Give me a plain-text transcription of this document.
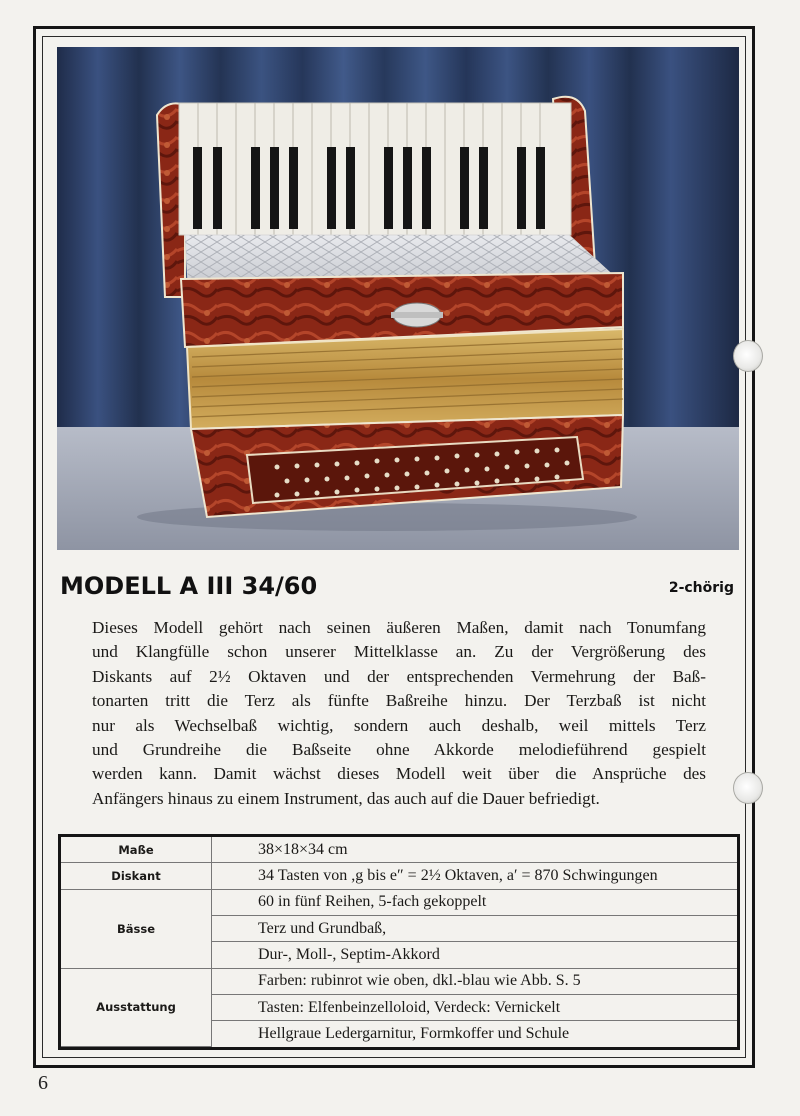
MODELL A III 34/60	2-chörig
Dieses Modell gehört nach seinen äußeren Maßen, damit nach Tonumfang
und Klangfülle schon unserer Mittelklasse an. Zu der Vergrößerung des
Diskants auf 2½ Oktaven und der entsprechenden Vermehrung der Baß-
tonarten tritt die Terz als fünfte Baßreihe hinzu. Der Terzbaß ist nicht
nur als Wechselbaß wichtig, sondern auch deshalb, weil mittels Terz
und Grundreihe die Baßseite ohne Akkorde melodieführend gespielt
werden kann. Damit wächst dieses Modell weit über die Ansprüche des
Anfängers hinaus zu einem Instrument, das auch auf die Dauer befriedigt.
Maße	38×18×34 cm
Diskant	34 Tasten von ,g bis e″ = 2½ Oktaven, a′ = 870 Schwingungen
Bässe	60 in fünf Reihen, 5-fach gekoppelt
	Terz und Grundbaß,
	Dur-, Moll-, Septim-Akkord
Ausstattung	Farben: rubinrot wie oben, dkl.-blau wie Abb. S. 5
	Tasten: Elfenbeinzelloloid, Verdeck: Vernickelt
	Hellgraue Ledergarnitur, Formkoffer und Schule
6
